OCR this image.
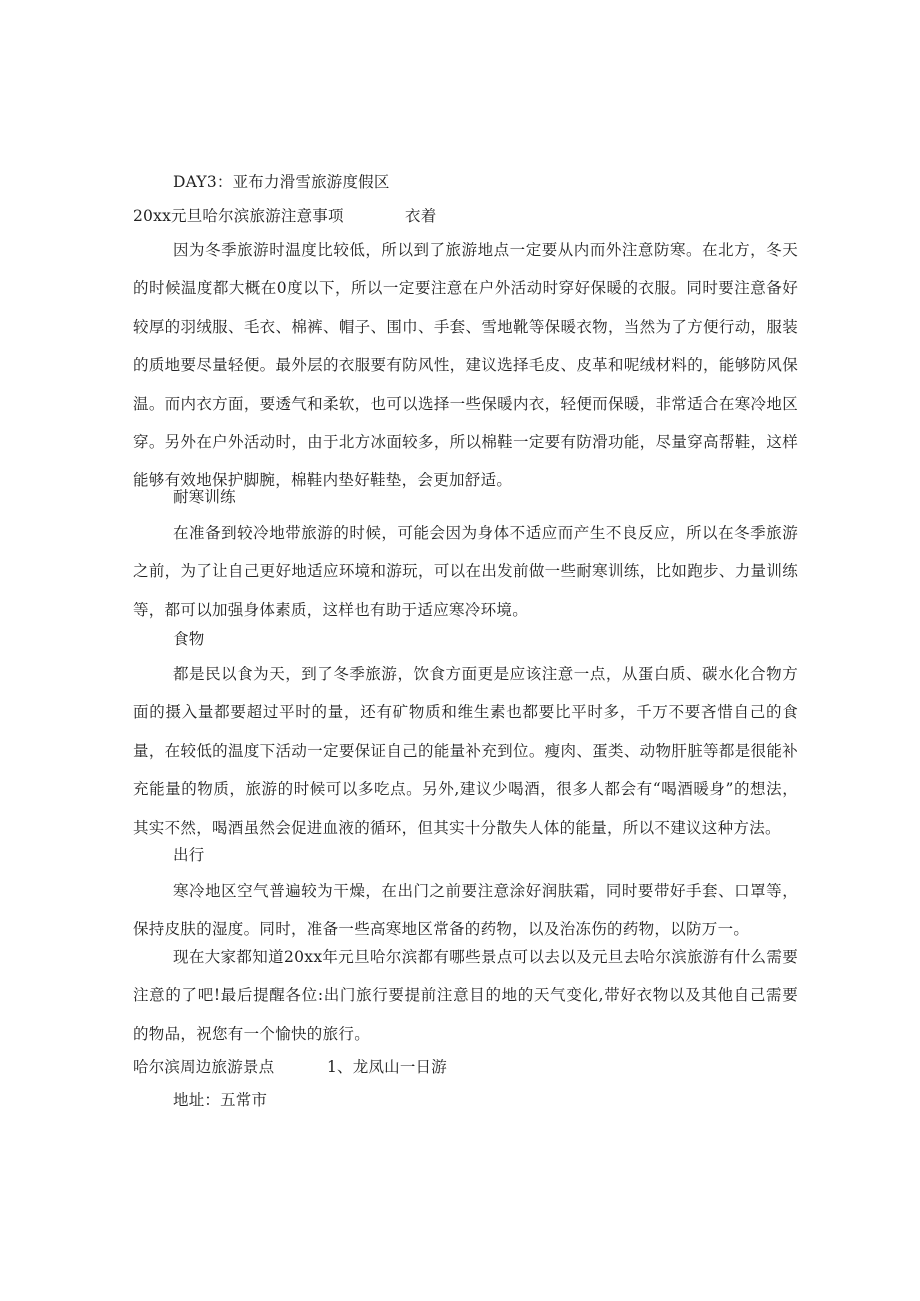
DAY3：亚布力滑雪旅游度假区
20xx元旦哈尔滨旅游注意事项	衣着
因为冬季旅游时温度比较低，所以到了旅游地点一定要从内而外注意防寒。在北方，冬天的时候温度都大概在0度以下，所以一定要注意在户外活动时穿好保暖的衣服。同时要注意备好较厚的羽绒服、毛衣、棉裤、帽子、围巾、手套、雪地靴等保暖衣物，当然为了方便行动，服装的质地要尽量轻便。最外层的衣服要有防风性，建议选择毛皮、皮革和呢绒材料的，能够防风保温。而内衣方面，要透气和柔软，也可以选择一些保暖内衣，轻便而保暖，非常适合在寒冷地区穿。另外在户外活动时，由于北方冰面较多，所以棉鞋一定要有防滑功能，尽量穿高帮鞋，这样能够有效地保护脚腕，棉鞋内垫好鞋垫，会更加舒适。
耐寒训练
在准备到较冷地带旅游的时候，可能会因为身体不适应而产生不良反应，所以在冬季旅游之前，为了让自己更好地适应环境和游玩，可以在出发前做一些耐寒训练，比如跑步、力量训练等，都可以加强身体素质，这样也有助于适应寒冷环境。
食物
都是民以食为天，到了冬季旅游，饮食方面更是应该注意一点，从蛋白质、碳水化合物方面的摄入量都要超过平时的量，还有矿物质和维生素也都要比平时多，千万不要吝惜自己的食量，在较低的温度下活动一定要保证自己的能量补充到位。瘦肉、蛋类、动物肝脏等都是很能补充能量的物质，旅游的时候可以多吃点。另外,建议少喝酒，很多人都会有“喝酒暖身”的想法，其实不然，喝酒虽然会促进血液的循环，但其实十分散失人体的能量，所以不建议这种方法。
出行
寒冷地区空气普遍较为干燥，在出门之前要注意涂好润肤霜，同时要带好手套、口罩等，保持皮肤的湿度。同时，准备一些高寒地区常备的药物，以及治冻伤的药物，以防万一。
现在大家都知道20xx年元旦哈尔滨都有哪些景点可以去以及元旦去哈尔滨旅游有什么需要注意的了吧!最后提醒各位:出门旅行要提前注意目的地的天气变化,带好衣物以及其他自己需要的物品，祝您有一个愉快的旅行。
哈尔滨周边旅游景点	1、龙凤山一日游
地址：五常市
